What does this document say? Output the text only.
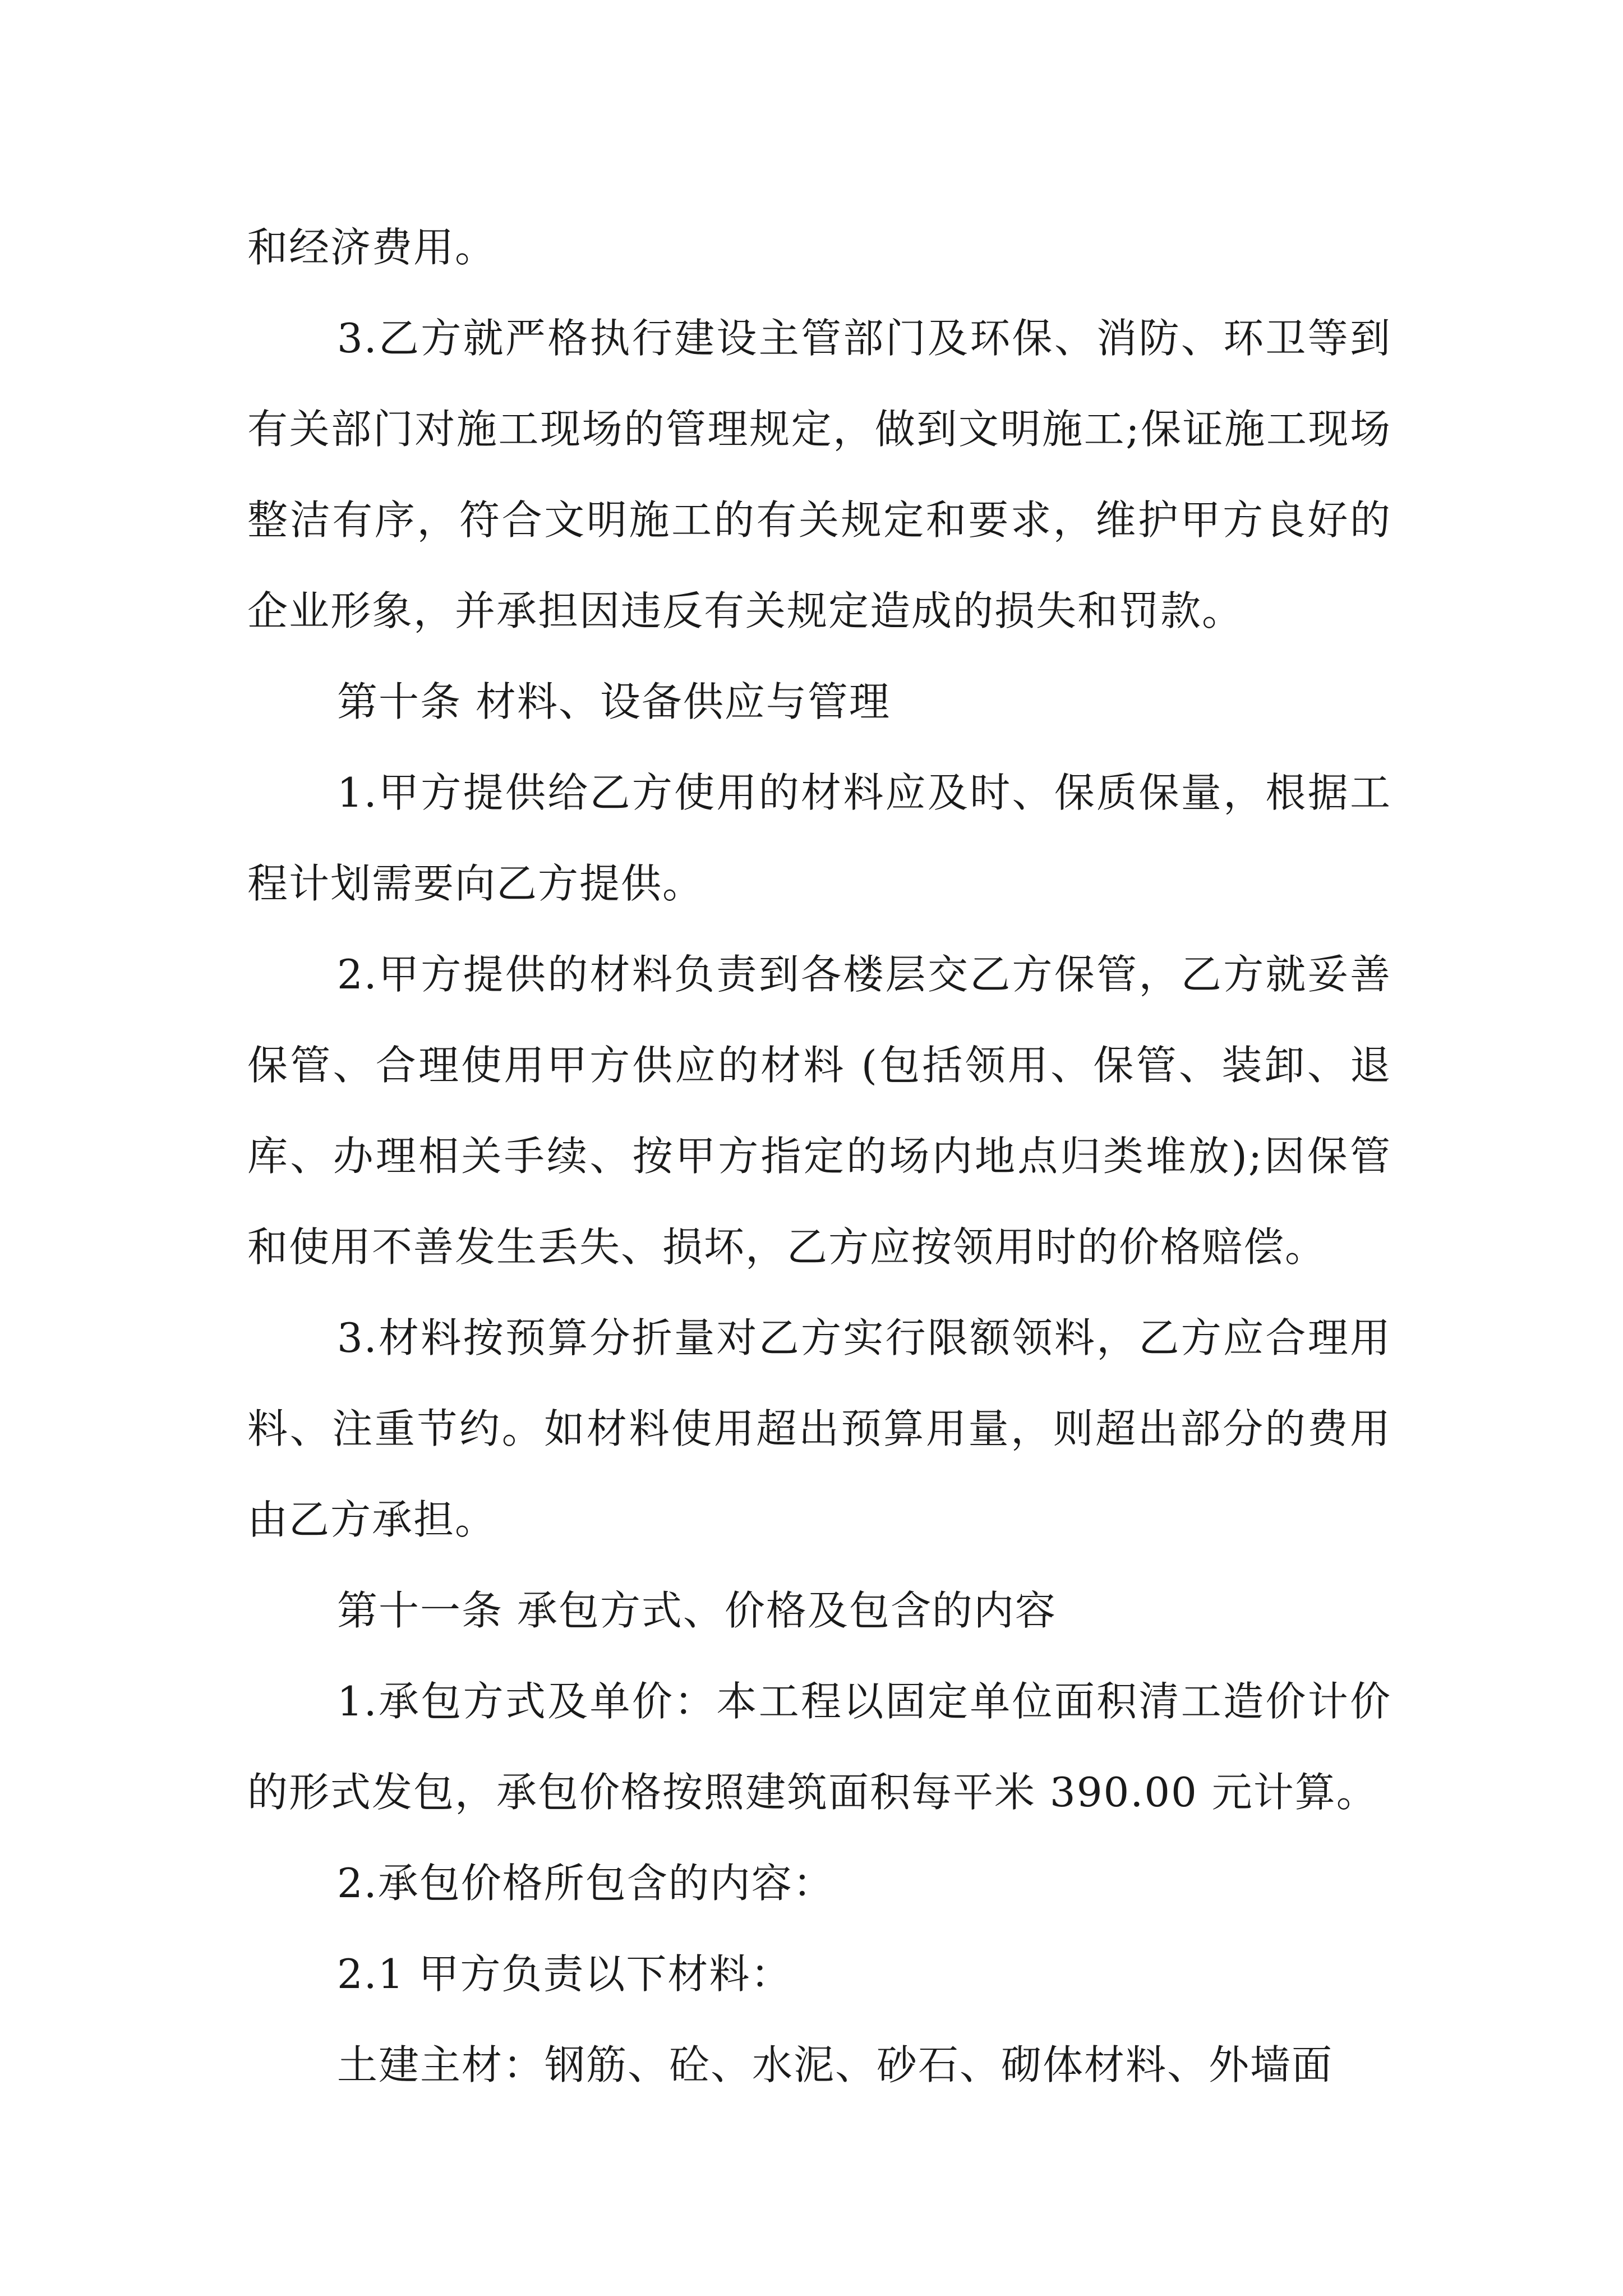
和经济费用。

3.乙方就严格执行建设主管部门及环保、消防、环卫等到有关部门对施工现场的管理规定，做到文明施工;保证施工现场整洁有序，符合文明施工的有关规定和要求，维护甲方良好的企业形象，并承担因违反有关规定造成的损失和罚款。

第十条 材料、设备供应与管理

1.甲方提供给乙方使用的材料应及时、保质保量，根据工程计划需要向乙方提供。

2.甲方提供的材料负责到各楼层交乙方保管，乙方就妥善保管、合理使用甲方供应的材料 (包括领用、保管、装卸、退库、办理相关手续、按甲方指定的场内地点归类堆放);因保管和使用不善发生丢失、损坏，乙方应按领用时的价格赔偿。

3.材料按预算分折量对乙方实行限额领料，乙方应合理用料、注重节约。如材料使用超出预算用量，则超出部分的费用由乙方承担。

第十一条 承包方式、价格及包含的内容

1.承包方式及单价：本工程以固定单位面积清工造价计价的形式发包，承包价格按照建筑面积每平米 390.00 元计算。

2.承包价格所包含的内容：

2.1 甲方负责以下材料：

土建主材：钢筋、砼、水泥、砂石、砌体材料、外墙面
